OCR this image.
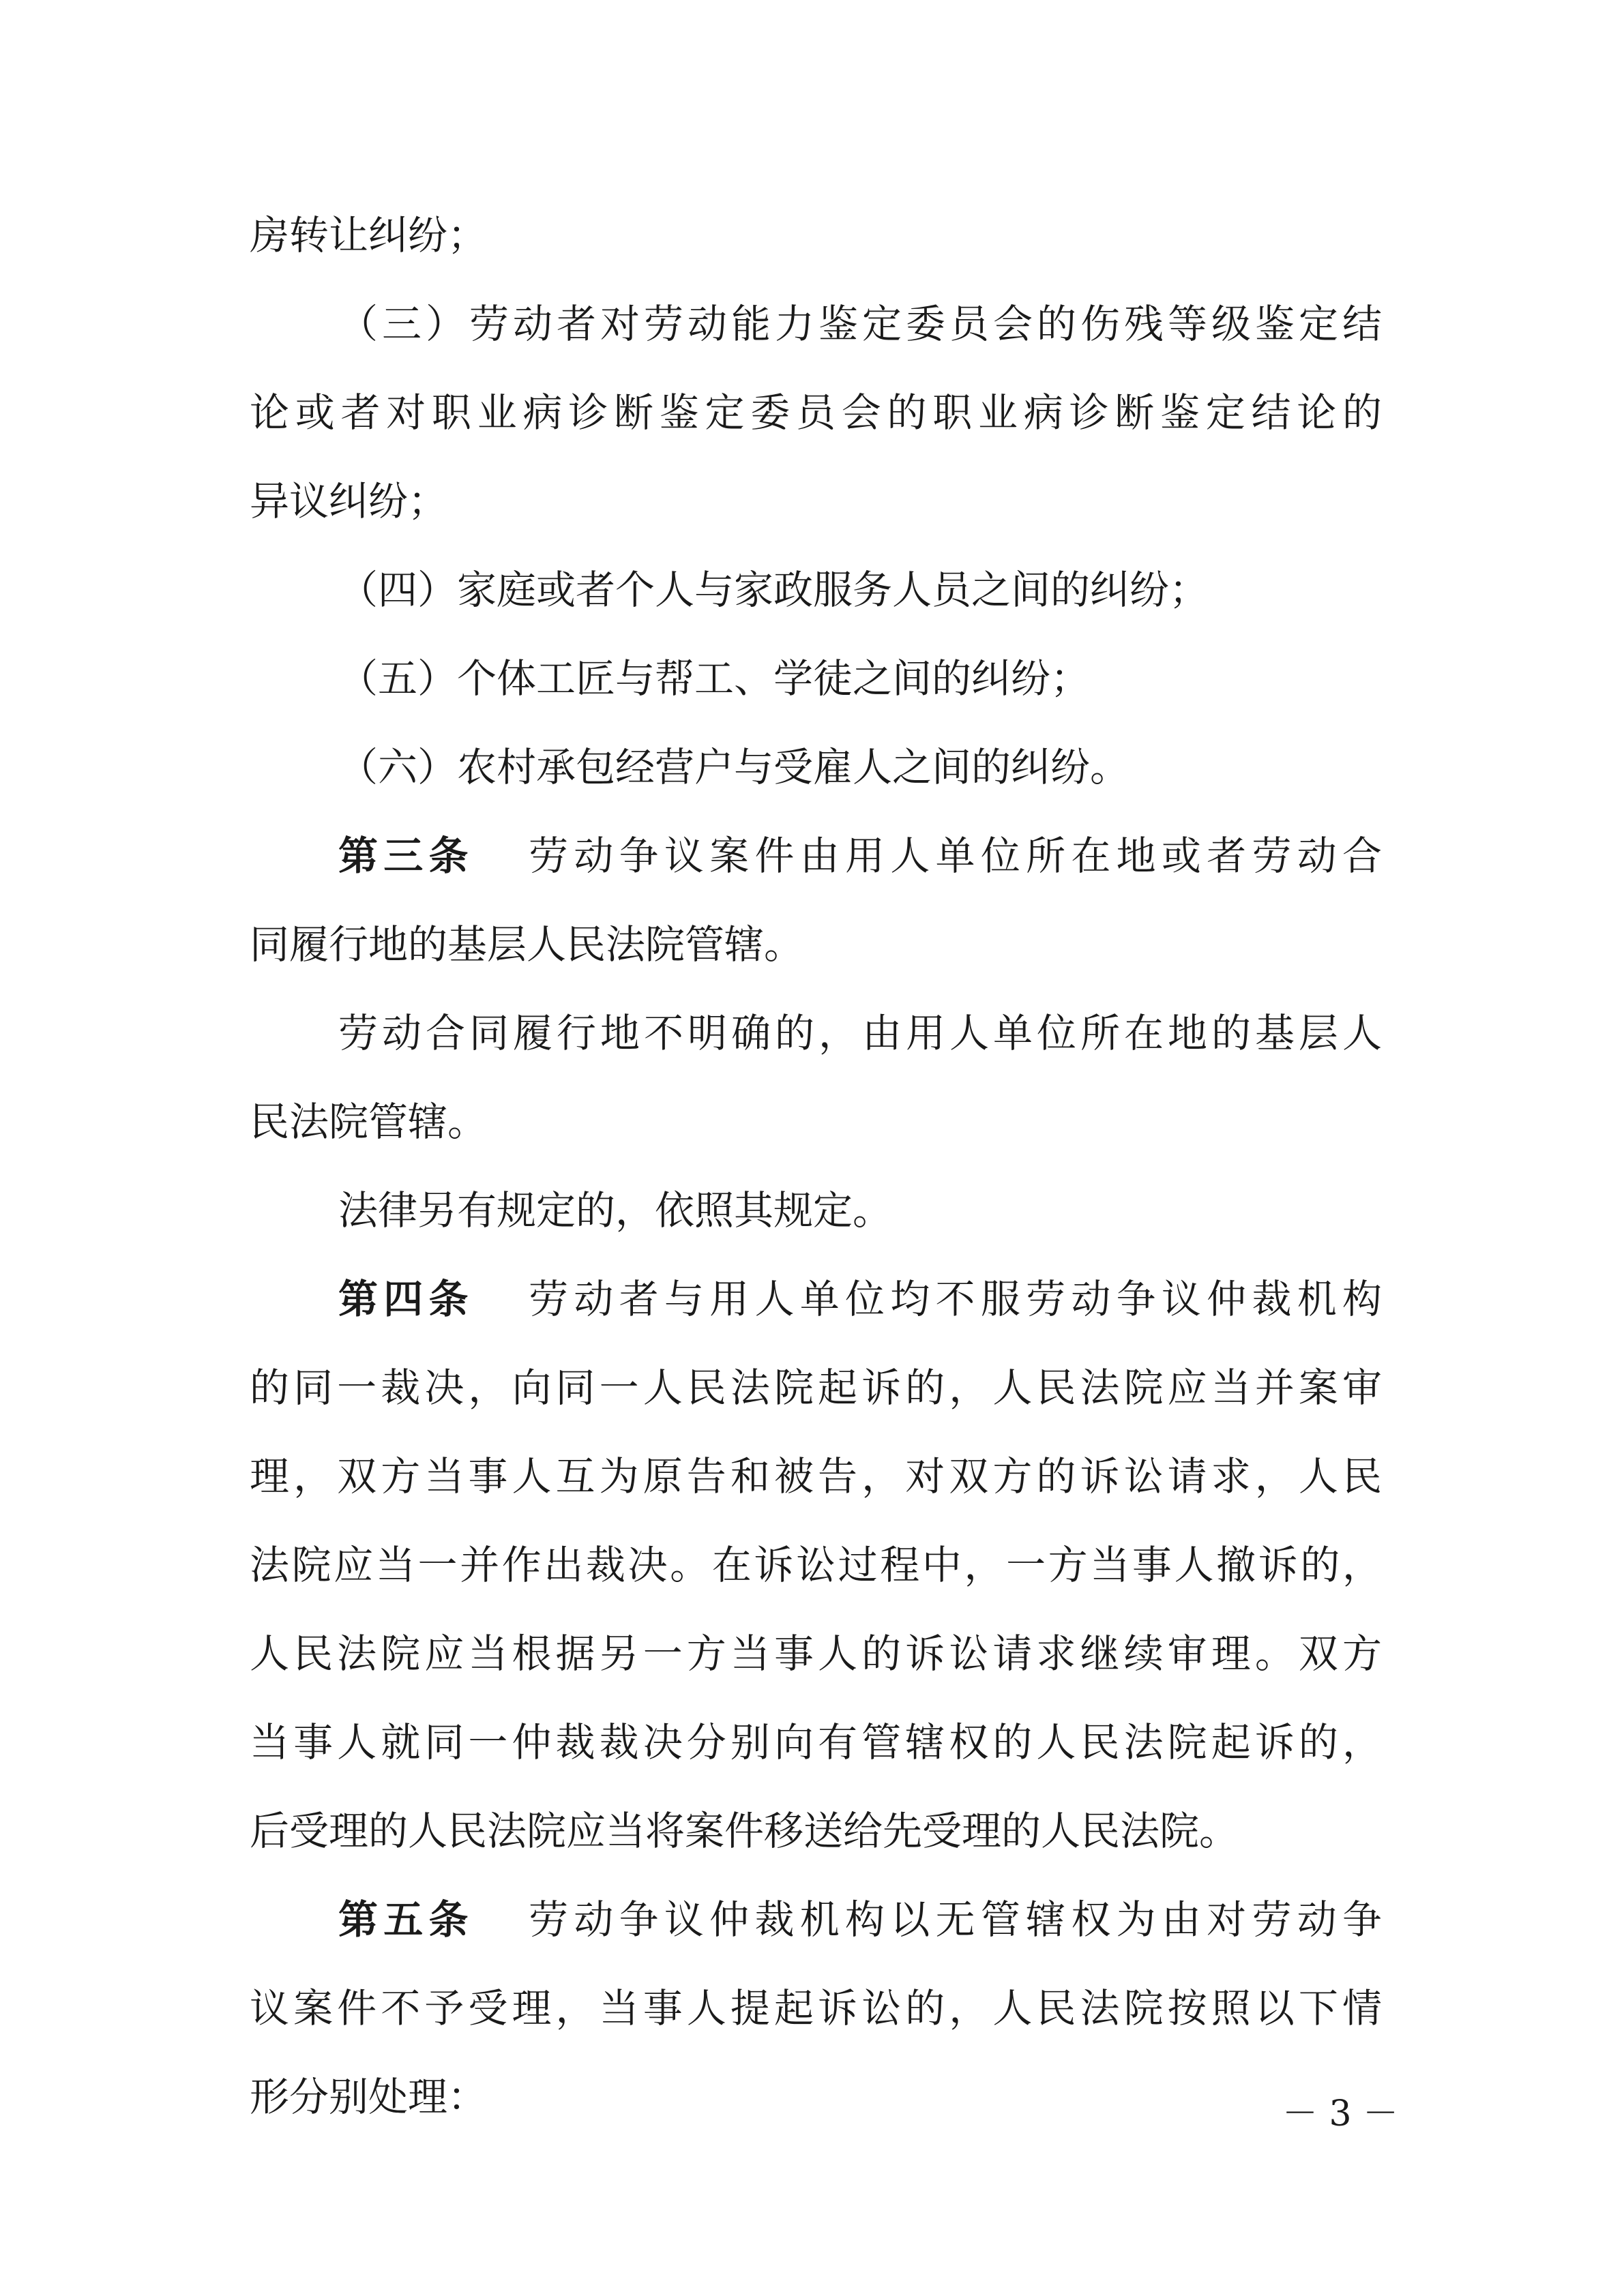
房转让纠纷；
（三）劳动者对劳动能力鉴定委员会的伤残等级鉴定结
论或者对职业病诊断鉴定委员会的职业病诊断鉴定结论的
异议纠纷；
（四）家庭或者个人与家政服务人员之间的纠纷；
（五）个体工匠与帮工、学徒之间的纠纷；
（六）农村承包经营户与受雇人之间的纠纷。
第三条 劳动争议案件由用人单位所在地或者劳动合
同履行地的基层人民法院管辖。
劳动合同履行地不明确的，由用人单位所在地的基层人
民法院管辖。
法律另有规定的，依照其规定。
第四条 劳动者与用人单位均不服劳动争议仲裁机构
的同一裁决，向同一人民法院起诉的，人民法院应当并案审
理，双方当事人互为原告和被告，对双方的诉讼请求，人民
法院应当一并作出裁决。在诉讼过程中，一方当事人撤诉的，
人民法院应当根据另一方当事人的诉讼请求继续审理。双方
当事人就同一仲裁裁决分别向有管辖权的人民法院起诉的，
后受理的人民法院应当将案件移送给先受理的人民法院。
第五条 劳动争议仲裁机构以无管辖权为由对劳动争
议案件不予受理，当事人提起诉讼的，人民法院按照以下情
形分别处理：	－ 3 －
